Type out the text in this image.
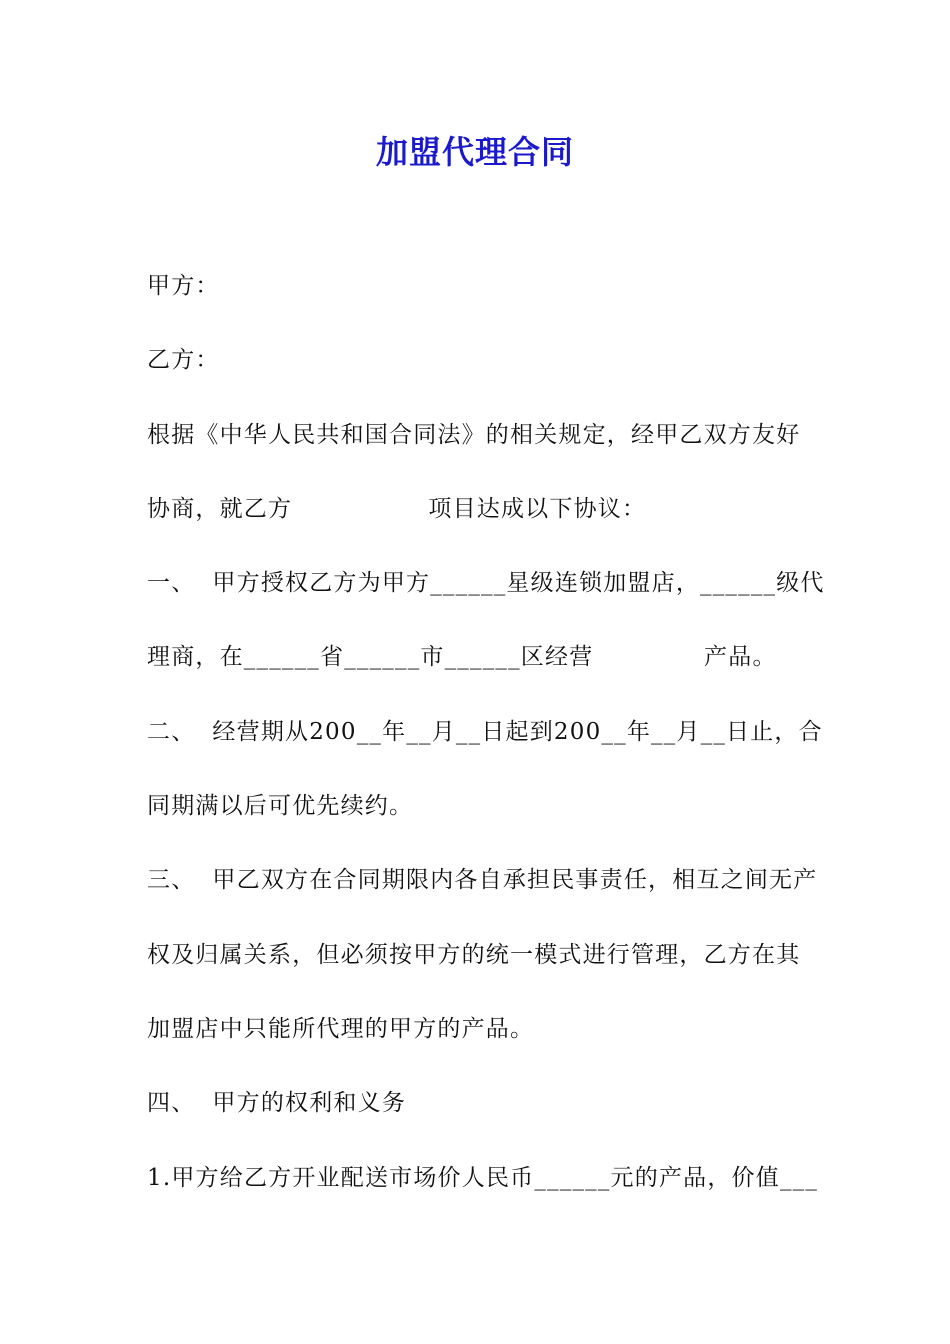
加盟代理合同
甲方：
乙方：
根据《中华人民共和国合同法》的相关规定，经甲乙双方友好
协商，就乙方                项目达成以下协议：
一、  甲方授权乙方为甲方______星级连锁加盟店，______级代
理商，在______省______市______区经营             产品。
二、  经营期从200__年__月__日起到200__年__月__日止，合
同期满以后可优先续约。
三、  甲乙双方在合同期限内各自承担民事责任，相互之间无产
权及归属关系，但必须按甲方的统一模式进行管理，乙方在其
加盟店中只能所代理的甲方的产品。
四、  甲方的权利和义务
1.甲方给乙方开业配送市场价人民币______元的产品，价值___
